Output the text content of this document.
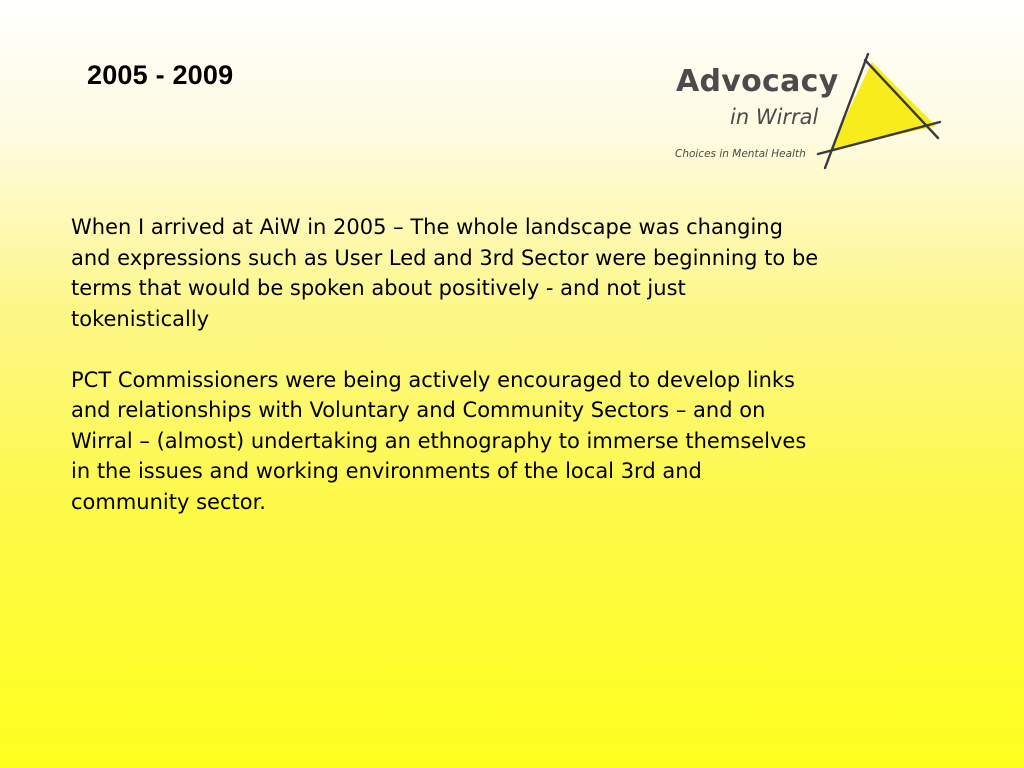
2005 - 2009	Advocacy
in Wirral
Choices in Mental Health

When I arrived at AiW in 2005 – The whole landscape was changing
and expressions such as User Led and 3rd Sector were beginning to be
terms that would be spoken about positively - and not just
tokenistically

PCT Commissioners were being actively encouraged to develop links
and relationships with Voluntary and Community Sectors – and on
Wirral – (almost) undertaking an ethnography to immerse themselves
in the issues and working environments of the local 3rd and
community sector.
